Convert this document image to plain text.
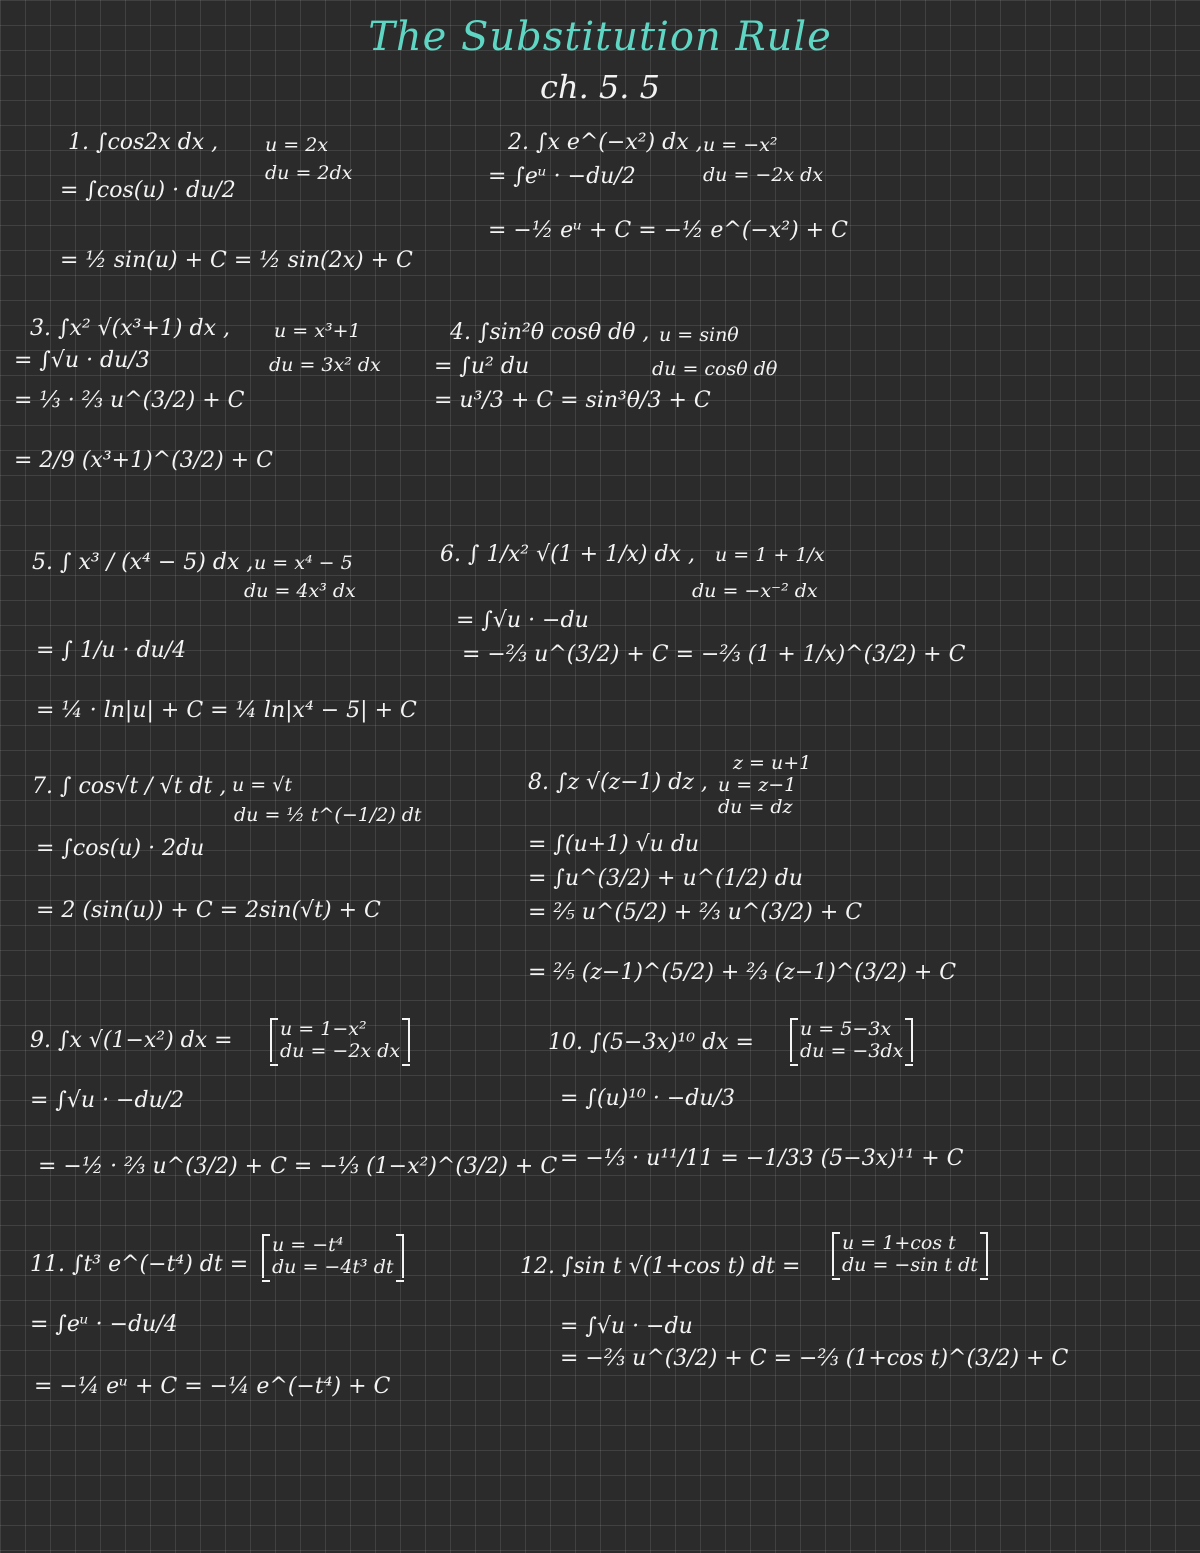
The Substitution Rule
ch. 5. 5
1. ∫cos2x dx ,
= ∫cos(u) · du/2
= ½ sin(u) + C = ½ sin(2x) + C
u = 2x
du = 2dx
2. ∫x e^(−x²) dx ,
= ∫eᵘ · −du/2
= −½ eᵘ + C = −½ e^(−x²) + C
u = −x²
du = −2x dx
3. ∫x² √(x³+1) dx ,
= ∫√u · du/3
= ⅓ · ⅔ u^(3/2) + C
= 2/9 (x³+1)^(3/2) + C
u = x³+1
du = 3x² dx
4. ∫sin²θ cosθ dθ ,
= ∫u² du
= u³/3 + C = sin³θ/3 + C
u = sinθ
du = cosθ dθ
5. ∫ x³ / (x⁴ − 5) dx ,
= ∫ 1/u · du/4
= ¼ · ln|u| + C = ¼ ln|x⁴ − 5| + C
u = x⁴ − 5
du = 4x³ dx
6. ∫ 1/x² √(1 + 1/x) dx ,
= ∫√u · −du
= −⅔ u^(3/2) + C = −⅔ (1 + 1/x)^(3/2) + C
u = 1 + 1/x
du = −x⁻² dx
7. ∫ cos√t / √t dt ,
= ∫cos(u) · 2du
= 2 (sin(u)) + C = 2sin(√t) + C
u = √t
du = ½ t^(−1/2) dt
8. ∫z √(z−1) dz ,
= ∫(u+1) √u du
= ∫u^(3/2) + u^(1/2) du
= ⅖ u^(5/2) + ⅔ u^(3/2) + C
= ⅖ (z−1)^(5/2) + ⅔ (z−1)^(3/2) + C
z = u+1
u = z−1
du = dz
9. ∫x √(1−x²) dx =
= ∫√u · −du/2
= −½ · ⅔ u^(3/2) + C = −⅓ (1−x²)^(3/2) + C
u = 1−x²
du = −2x dx	10. ∫(5−3x)¹⁰ dx =
= ∫(u)¹⁰ · −du/3
= −⅓ · u¹¹/11 = −1/33 (5−3x)¹¹ + C
u = 5−3x
du = −3dx
11. ∫t³ e^(−t⁴) dt =
= ∫eᵘ · −du/4
= −¼ eᵘ + C = −¼ e^(−t⁴) + C
u = −t⁴
du = −4t³ dt	12. ∫sin t √(1+cos t) dt =
= ∫√u · −du
= −⅔ u^(3/2) + C = −⅔ (1+cos t)^(3/2) + C
u = 1+cos t
du = −sin t dt
